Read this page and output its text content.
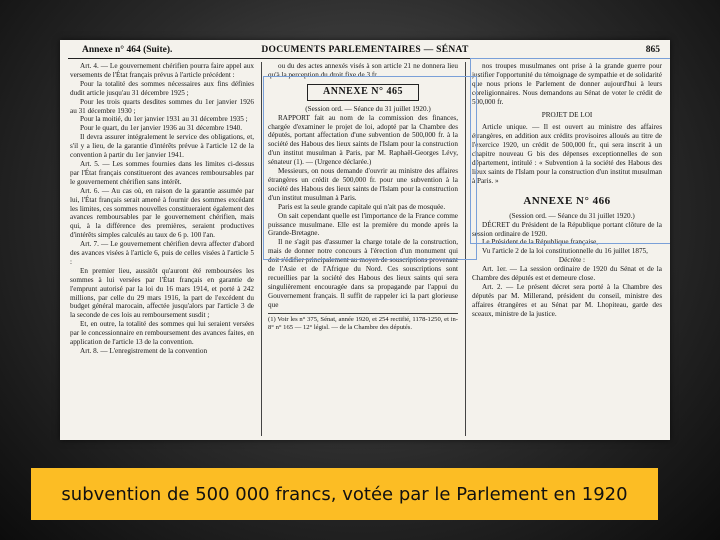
Annexe n° 464 (Suite).	DOCUMENTS PARLEMENTAIRES — SÉNAT	865

Art. 4. — Le gouvernement chérifien pourra faire appel aux versements de l'État français prévus à l'article précédent :

Pour la totalité des sommes nécessaires aux fins définies dudit article jusqu'au 31 décembre 1925 ;

Pour les trois quarts desdites sommes du 1er janvier 1926 au 31 décembre 1930 ;

Pour la moitié, du 1er janvier 1931 au 31 décembre 1935 ;

Pour le quart, du 1er janvier 1936 au 31 décembre 1940.

Il devra assurer intégralement le service des obligations, et, s'il y a lieu, de la garantie d'intérêts prévue à l'article 12 de la convention à partir du 1er janvier 1941.

Art. 5. — Les sommes fournies dans les limites ci-dessus par l'État français constitueront des avances remboursables par le gouvernement chérifien sans intérêt.

Art. 6. — Au cas où, en raison de la garantie assumée par lui, l'État français serait amené à fournir des sommes excédant les limites, ces sommes nouvelles constitueraient également des avances remboursables par le gouvernement chérifien, mais qui, à la différence des premières, seraient productives d'intérêts simples calculés au taux de 6 p. 100 l'an.

Art. 7. — Le gouvernement chérifien devra affecter d'abord des avances visées à l'article 6, puis de celles visées à l'article 5 :

En premier lieu, aussitôt qu'auront été remboursées les sommes à lui versées par l'État français en garantie de l'emprunt autorisé par la loi du 16 mars 1914, et porté à 242 millions, par celle du 29 mars 1916, la part de l'excédent du budget général marocain, affectée jusqu'alors par l'article 3 de la seconde de ces lois au remboursement susdit ;

Et, en outre, la totalité des sommes qui lui seraient versées par le concessionnaire en remboursement des avances faites, en application de l'article 13 de la convention.

Art. 8. — L'enregistrement de la convention

ou du des actes annexés visés à son article 21 ne donnera lieu qu'à la perception du droit fixe de 3 fr.

ANNEXE N° 465

(Session ord. — Séance du 31 juillet 1920.)

RAPPORT fait au nom de la commission des finances, chargée d'examiner le projet de loi, adopté par la Chambre des députés, portant affectation d'une subvention de 500,000 fr. à la société des Habous des lieux saints de l'Islam pour la construction d'un institut musulman à Paris, par M. Raphaël-Georges Lévy, sénateur (1). — (Urgence déclarée.)

Messieurs, on nous demande d'ouvrir au ministre des affaires étrangères un crédit de 500,000 fr. pour une subvention à la société des Habous des lieux saints de l'Islam pour la construction d'un institut musulman à Paris.

Paris est la seule grande capitale qui n'ait pas de mosquée.

On sait cependant quelle est l'importance de la France comme puissance musulmane. Elle est la première du monde après la Grande-Bretagne.

Il ne s'agit pas d'assumer la charge totale de la construction, mais de donner notre concours à l'érection d'un monument qui doit s'édifier principalement au moyen de souscriptions provenant de l'Asie et de l'Afrique du Nord. Ces souscriptions sont recueillies par la société des Habous des lieux saints qui sera singulièrement encouragée dans sa propagande par l'appui du Gouvernement français. Il suffit de rappeler ici la part glorieuse que

(1) Voir les n° 375, Sénat, année 1920, et 254 rectifié, 1178-1250, et in-8° n° 165 — 12° législ. — de la Chambre des députés.

nos troupes musulmanes ont prise à la grande guerre pour justifier l'opportunité du témoignage de sympathie et de solidarité que nous prions le Parlement de donner aujourd'hui à leurs coreligionnaires. Nous demandons au Sénat de voter le crédit de 500,000 fr.

PROJET DE LOI

Article unique. — Il est ouvert au ministre des affaires étrangères, en addition aux crédits provisoires alloués au titre de l'exercice 1920, un crédit de 500,000 fr., qui sera inscrit à un chapitre nouveau G bis des dépenses exceptionnelles de son département, intitulé : « Subvention à la société des Habous des lieux saints de l'Islam pour la construction d'un institut musulman à Paris. »

ANNEXE N° 466

(Session ord. — Séance du 31 juillet 1920.)

DÉCRET du Président de la République portant clôture de la session ordinaire de 1920.

Le Président de la République française,

Vu l'article 2 de la loi constitutionnelle du 16 juillet 1875,

Décrète :

Art. 1er. — La session ordinaire de 1920 du Sénat et de la Chambre des députés est et demeure close.

Art. 2. — Le présent décret sera porté à la Chambre des députés par M. Millerand, président du conseil, ministre des affaires étrangères et au Sénat par M. Lhopiteau, garde des sceaux, ministre de la justice.

subvention de 500 000 francs, votée par le Parlement en 1920
